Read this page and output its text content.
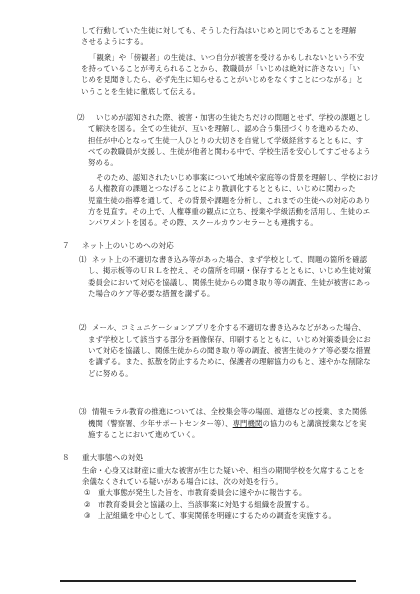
して行動していた生徒に対しても、そうした行為はいじめと同じであることを理解
させるようにする。
「観衆」や「傍観者」の生徒は、いつ自分が被害を受けるかもしれないという不安
を持っていることが考えられることから、教職員が「いじめは絶対に許さない」「い
じめを見聞きしたら、必ず先生に知らせることがいじめをなくすことにつながる」と
いうことを生徒に徹底して伝える。
⑵ いじめが認知された際、被害・加害の生徒たちだけの問題とせず、学校の課題とし
て解決を図る。全ての生徒が、互いを理解し、認め合う集団づくりを進めるため、
担任が中心となって生徒一人ひとりの大切さを自覚して学級経営するとともに、す
べての教職員が支援し、生徒が他者と関わる中で、学校生活を安心してすごせるよう
努める。
そのため、認知されたいじめ事案について地域や家庭等の背景を理解し、学校におけ
る人権教育の課題とつなげることにより教訓化するとともに、いじめに関わった
児童生徒の指導を通して、その背景や課題を分析し、これまでの生徒への対応のあり
方を見直す。その上で、人権尊重の観点に立ち、授業や学級活動を活用し、生徒のエ
ンパワメントを図る。その際、スクールカウンセラーとも連携する。
７ ネット上のいじめへの対応
⑴ ネット上の不適切な書き込み等があった場合、まず学校として、問題の箇所を確認
し、掲示板等のＵＲＬを控え、その箇所を印刷・保存するとともに、いじめ生徒対策
委員会において対応を協議し、関係生徒からの聞き取り等の調査、生徒が被害にあっ
た場合のケア等必要な措置を講ずる。
⑵ メール、コミュニケーションアプリを介する不適切な書き込みなどがあった場合、
まず学校として該当する部分を画像保存、印刷するとともに、いじめ対策委員会にお
いて対応を協議し、関係生徒からの聞き取り等の調査、被害生徒のケア等必要な措置
を講ずる。また、拡散を防止するために、保護者の理解協力のもと、速やかな削除な
どに努める。
⑶ 情報モラル教育の推進については、全校集会等の場面、道徳などの授業、また関係
機関（警察署、少年サポートセンター等）、専門機関の協力のもと講演授業などを実
施することにおいて進めていく。
８ 重大事態への対処
生命・心身又は財産に重大な被害が生じた疑いや、相当の期間学校を欠席することを
余儀なくされている疑いがある場合には、次の対処を行う。
① 重大事態が発生した旨を、市教育委員会に速やかに報告する。
② 市教育委員会と協議の上、当該事案に対処する組織を設置する。
③ 上記組織を中心として、事実関係を明確にするための調査を実施する。
